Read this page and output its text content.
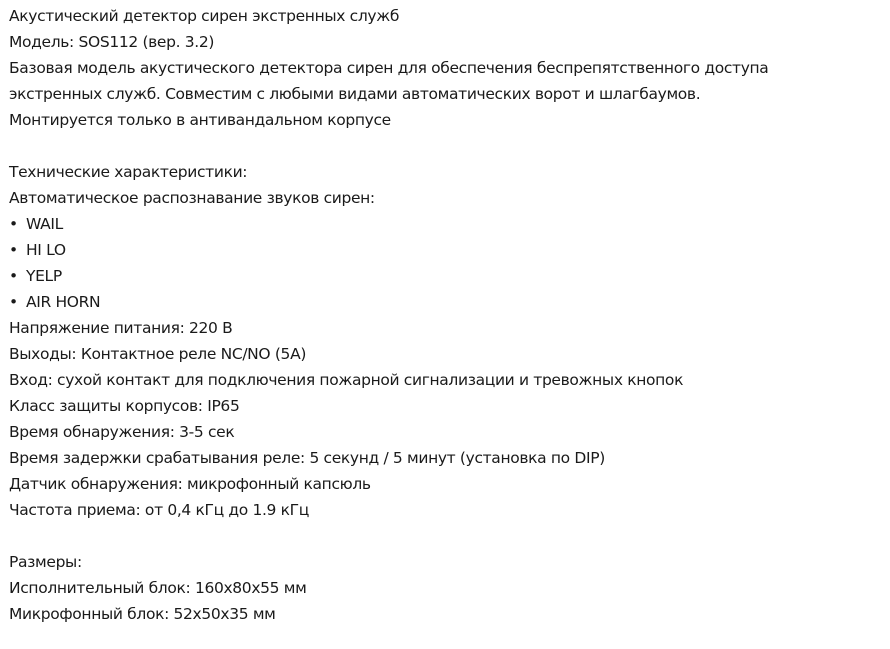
Акустический детектор сирен экстренных служб
Модель: SOS112 (вер. 3.2)
Базовая модель акустического детектора сирен для обеспечения беспрепятственного доступа
экстренных служб. Совместим с любыми видами автоматических ворот и шлагбаумов.
Монтируется только в антивандальном корпусе
Технические характеристики:
Автоматическое распознавание звуков сирен:
• WAIL
• HI LO
• YELP
• AIR HORN
Напряжение питания: 220 В
Выходы: Контактное реле NC/NO (5A)
Вход: сухой контакт для подключения пожарной сигнализации и тревожных кнопок
Класс защиты корпусов: IP65
Время обнаружения: 3-5 сек
Время задержки срабатывания реле: 5 секунд / 5 минут (установка по DIP)
Датчик обнаружения: микрофонный капсюль
Частота приема: от 0,4 кГц до 1.9 кГц
Размеры:
Исполнительный блок: 160x80x55 мм
Микрофонный блок: 52x50x35 мм
